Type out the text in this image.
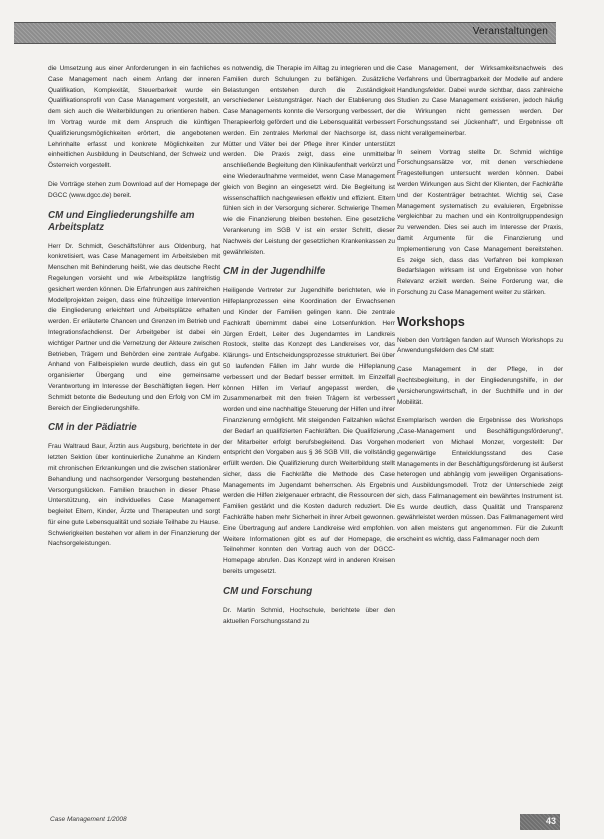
Veranstaltungen

die Umsetzung aus einer Anforderungen in ein fachliches Case Management nach einem Anfang der inneren Qualifikation, Komplexität, Steuerbarkeit wurde ein Qualifikationsprofil von Case Management vorgestellt, an dem sich auch die Weiterbildungen zu orientieren haben. Im Vortrag wurde mit dem Anspruch die künftigen Qualifizierungsmöglichkeiten erörtert, die angebotenen Lehrinhalte erfasst und konkrete Möglichkeiten zur einheitlichen Ausbildung in Deutschland, der Schweiz und Österreich vorgestellt.

Die Vorträge stehen zum Download auf der Homepage der DGCC (www.dgcc.de) bereit.

CM und Eingliederungshilfe am Arbeitsplatz

Herr Dr. Schmidt, Geschäftsführer aus Oldenburg, hat konkretisiert, was Case Management im Arbeitsleben mit Menschen mit Behinderung heißt, wie das deutsche Recht Regelungen vorsieht und wie Arbeitsplätze langfristig gesichert werden können. Die Erfahrungen aus zahlreichen Modellprojekten zeigen, dass eine frühzeitige Intervention die Eingliederung erleichtert und Arbeitsplätze erhalten werden. Er erläuterte Chancen und Grenzen im Betrieb und Integrationsfachdienst. Der Arbeitgeber ist dabei ein wichtiger Partner und die Vernetzung der Akteure zwischen Betrieben, Trägern und Behörden eine zentrale Aufgabe. Anhand von Fallbeispielen wurde deutlich, dass ein gut organisierter Übergang und eine gemeinsame Verantwortung im Interesse der Beschäftigten liegen. Herr Schmidt betonte die Bedeutung und den Erfolg von CM im Bereich der Eingliederungshilfe.

CM in der Pädiatrie

Frau Waltraud Baur, Ärztin aus Augsburg, berichtete in der letzten Sektion über kontinuierliche Zunahme an Kindern mit chronischen Erkrankungen und die zwischen stationärer Behandlung und nachsorgender Versorgung bestehenden Versorgungslücken. Familien brauchen in dieser Phase Unterstützung, ein individuelles Case Management begleitet Eltern, Kinder, Ärzte und Therapeuten und sorgt für eine gute Lebensqualität und soziale Teilhabe zu Hause. Schwierigkeiten bestehen vor allem in der Finanzierung der Nachsorgeleistungen.

es notwendig, die Therapie im Alltag zu integrieren und die Familien durch Schulungen zu befähigen. Zusätzliche Belastungen entstehen durch die Zuständigkeit verschiedener Leistungsträger. Nach der Etablierung des Case Managements konnte die Versorgung verbessert, der Therapieerfolg gefördert und die Lebensqualität verbessert werden. Ein zentrales Merkmal der Nachsorge ist, dass Mütter und Väter bei der Pflege ihrer Kinder unterstützt werden. Die Praxis zeigt, dass eine unmittelbar anschließende Begleitung den Klinikaufenthalt verkürzt und eine Wiederaufnahme vermeidet, wenn Case Management gleich von Beginn an eingesetzt wird. Die Begleitung ist wissenschaftlich nachgewiesen effektiv und effizient. Eltern fühlen sich in der Versorgung sicherer. Schwierige Themen wie die Finanzierung bleiben bestehen. Eine gesetzliche Verankerung im SGB V ist ein erster Schritt, dieser Nachweis der Leistung der gesetzlichen Krankenkassen zu gewährleisten.

CM in der Jugendhilfe

Heiligende Vertreter zur Jugendhilfe berichteten, wie in Hilfeplanprozessen eine Koordination der Erwachsenen und Kinder der Familien gelingen kann. Die zentrale Fachkraft übernimmt dabei eine Lotsenfunktion. Herr Jürgen Erdelt, Leiter des Jugendamtes im Landkreis Rostock, stellte das Konzept des Landkreises vor, das Klärungs- und Entscheidungsprozesse strukturiert. Bei über 50 laufenden Fällen im Jahr wurde die Hilfeplanung verbessert und der Bedarf besser ermittelt. Im Einzelfall können Hilfen im Verlauf angepasst werden, die Zusammenarbeit mit den freien Trägern ist verbessert worden und eine nachhaltige Steuerung der Hilfen und ihrer Finanzierung ermöglicht. Mit steigenden Fallzahlen wächst der Bedarf an qualifizierten Fachkräften. Die Qualifizierung der Mitarbeiter erfolgt berufsbegleitend. Das Vorgehen entspricht den Vorgaben aus § 36 SGB VIII, die vollständig erfüllt werden. Die Qualifizierung durch Weiterbildung stellt sicher, dass die Fachkräfte die Methode des Case Managements im Jugendamt beherrschen. Als Ergebnis werden die Hilfen zielgenauer erbracht, die Ressourcen der Familien gestärkt und die Kosten dadurch reduziert. Die Fachkräfte haben mehr Sicherheit in ihrer Arbeit gewonnen. Eine Übertragung auf andere Landkreise wird empfohlen. Weitere Informationen gibt es auf der Homepage, die Teilnehmer konnten den Vortrag auch von der DGCC-Homepage abrufen. Das Konzept wird in anderen Kreisen bereits umgesetzt.

CM und Forschung

Dr. Martin Schmid, Hochschule, berichtete über den aktuellen Forschungsstand zu

Case Management, der Wirksamkeitsnachweis des Verfahrens und Übertragbarkeit der Modelle auf andere Handlungsfelder. Dabei wurde sichtbar, dass zahlreiche Studien zu Case Management existieren, jedoch häufig die Wirkungen nicht gemessen werden. Der Forschungsstand sei „lückenhaft“, und Ergebnisse oft nicht verallgemeinerbar.

In seinem Vortrag stellte Dr. Schmid wichtige Forschungsansätze vor, mit denen verschiedene Fragestellungen untersucht werden können. Dabei werden Wirkungen aus Sicht der Klienten, der Fachkräfte und der Kostenträger betrachtet. Wichtig sei, Case Management systematisch zu evaluieren, Ergebnisse vergleichbar zu machen und ein Kontrollgruppendesign zu verwenden. Dies sei auch im Interesse der Praxis, damit Argumente für die Finanzierung und Implementierung von Case Management bereitstehen. Es zeige sich, dass das Verfahren bei komplexen Bedarfslagen wirksam ist und Ergebnisse von hoher Relevanz erzielt werden. Seine Forderung war, die Forschung zu Case Management weiter zu stärken.

Workshops

Neben den Vorträgen fanden auf Wunsch Workshops zu Anwendungsfeldern des CM statt:

Case Management in der Pflege, in der Rechtsbegleitung, in der Eingliederungshilfe, in der Versicherungswirtschaft, in der Suchthilfe und in der Mobilität.

Exemplarisch werden die Ergebnisse des Workshops „Case-Management und Beschäftigungsförderung“, moderiert von Michael Monzer, vorgestellt: Der gegenwärtige Entwicklungsstand des Case Managements in der Beschäftigungsförderung ist äußerst heterogen und abhängig vom jeweiligen Organisations- und Ausbildungsmodell. Trotz der Unterschiede zeigt sich, dass Fallmanagement ein bewährtes Instrument ist. Es wurde deutlich, dass Qualität und Transparenz gewährleistet werden müssen. Das Fallmanagement wird von allen meistens gut angenommen. Für die Zukunft erscheint es wichtig, dass Fallmanager noch dem

Case Management 1/2008	43
